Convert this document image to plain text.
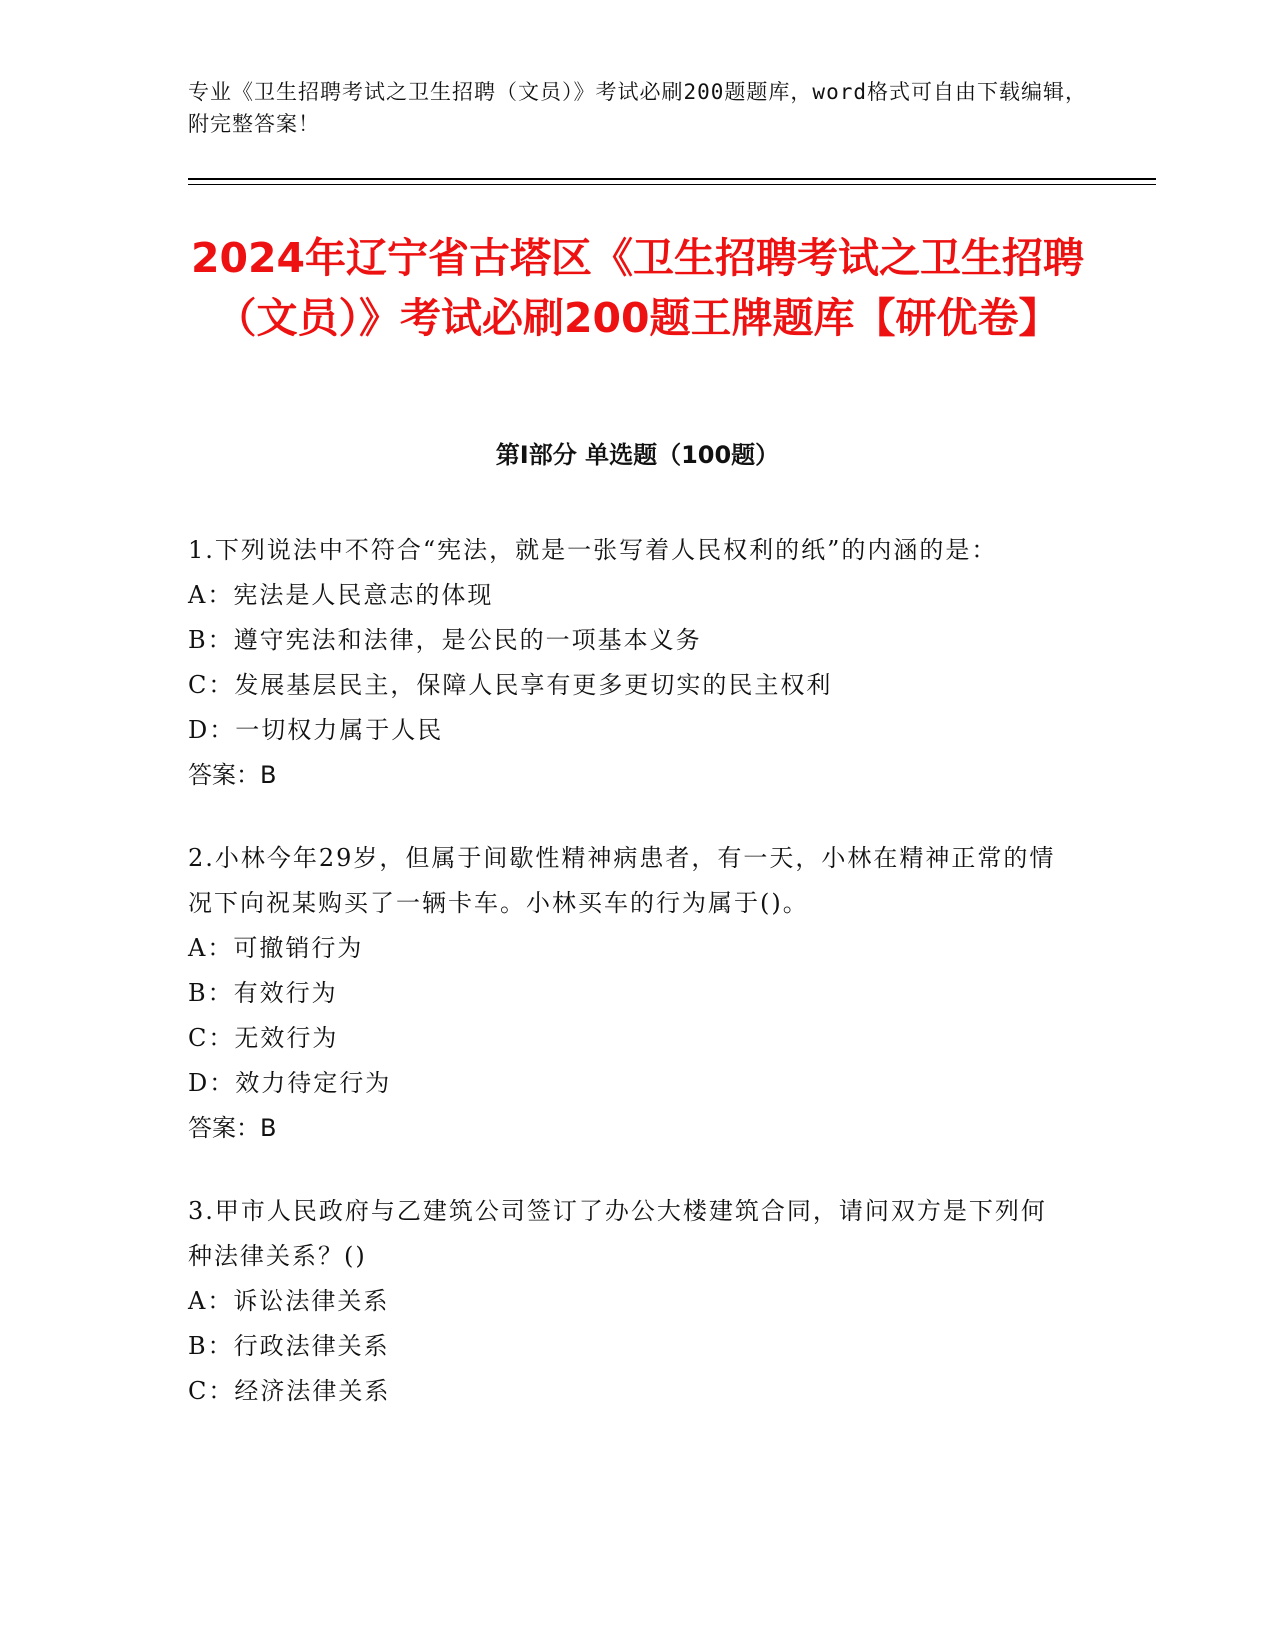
专业《卫生招聘考试之卫生招聘（文员）》考试必刷200题题库，word格式可自由下载编辑，附完整答案！
2024年辽宁省古塔区《卫生招聘考试之卫生招聘（文员）》考试必刷200题王牌题库【研优卷】
第I部分 单选题（100题）

1.下列说法中不符合“宪法，就是一张写着人民权利的纸”的内涵的是：

A：宪法是人民意志的体现

B：遵守宪法和法律，是公民的一项基本义务

C：发展基层民主，保障人民享有更多更切实的民主权利

D：一切权力属于人民

答案：B

2.小林今年29岁，但属于间歇性精神病患者，有一天，小林在精神正常的情况下向祝某购买了一辆卡车。小林买车的行为属于()。

A：可撤销行为

B：有效行为

C：无效行为

D：效力待定行为

答案：B

3.甲市人民政府与乙建筑公司签订了办公大楼建筑合同，请问双方是下列何种法律关系？()

A：诉讼法律关系

B：行政法律关系

C：经济法律关系
